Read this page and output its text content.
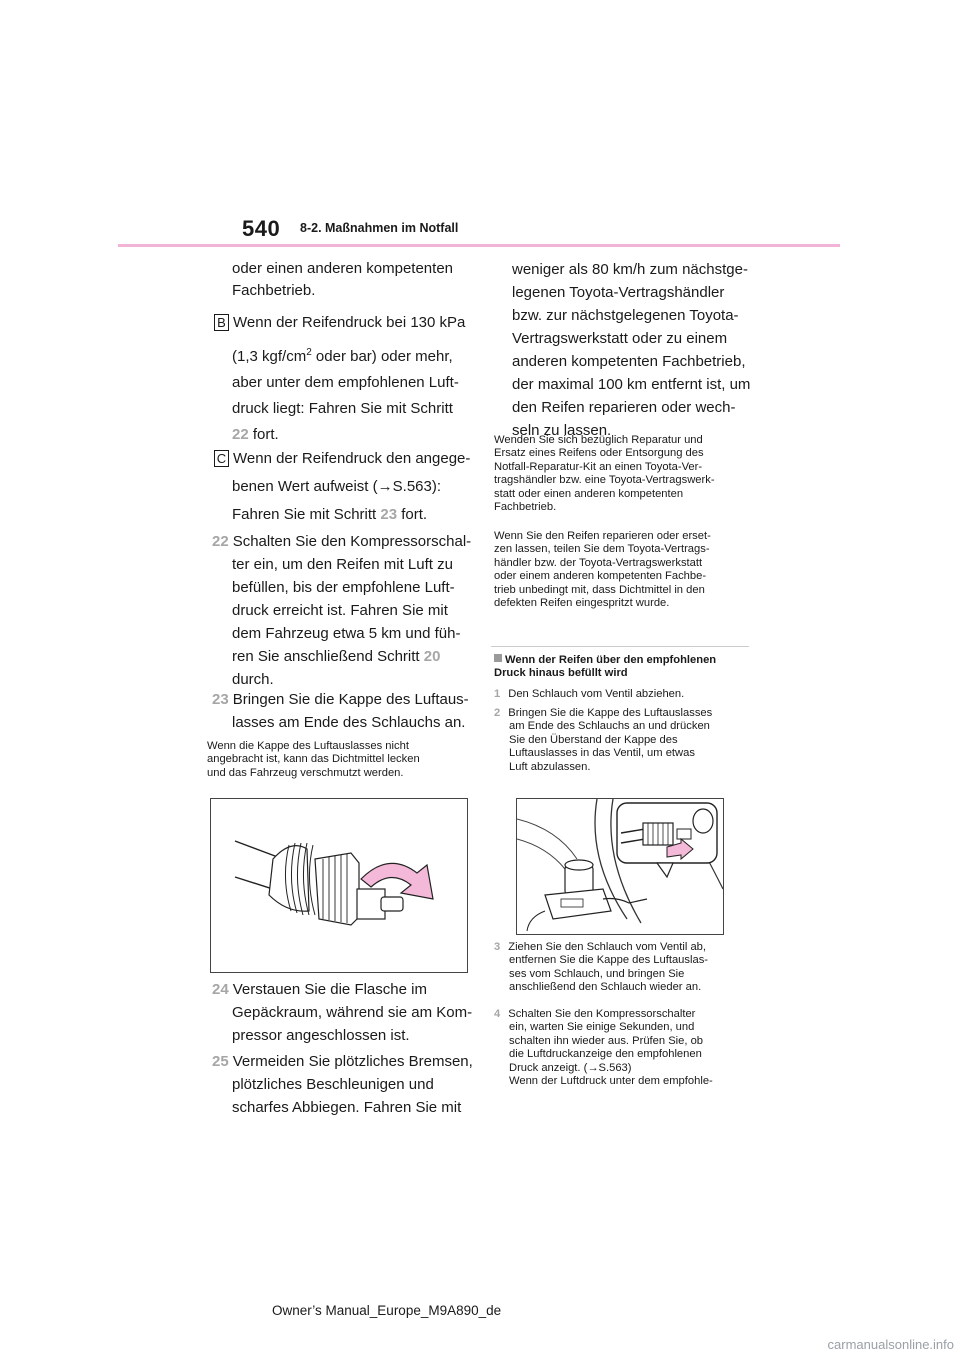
540 8-2. Maßnahmen im Notfall
oder einen anderen kompetenten
Fachbetrieb.
B Wenn der Reifendruck bei 130 kPa
(1,3 kgf/$cm^2$ oder bar) oder mehr,
aber unter dem empfohlenen Luft-
druck liegt: Fahren Sie mit Schritt
22 fort.
C Wenn der Reifendruck den angege-
benen Wert aufweist (→S.563):
Fahren Sie mit Schritt 23 fort.
22 Schalten Sie den Kompressorschal-
ter ein, um den Reifen mit Luft zu
befüllen, bis der empfohlene Luft-
druck erreicht ist. Fahren Sie mit
dem Fahrzeug etwa 5 km und füh-
ren Sie anschließend Schritt 20
durch.
23 Bringen Sie die Kappe des Luftaus-
lasses am Ende des Schlauchs an.
Wenn die Kappe des Luftauslasses nicht
angebracht ist, kann das Dichtmittel lecken
und das Fahrzeug verschmutzt werden.
24 Verstauen Sie die Flasche im
Gepäckraum, während sie am Kom-
pressor angeschlossen ist.
25 Vermeiden Sie plötzliches Bremsen,
plötzliches Beschleunigen und
scharfes Abbiegen. Fahren Sie mit
weniger als 80 km/h zum nächstge-
legenen Toyota-Vertragshändler
bzw. zur nächstgelegenen Toyota-
Vertragswerkstatt oder zu einem
anderen kompetenten Fachbetrieb,
der maximal 100 km entfernt ist, um
den Reifen reparieren oder wech-
seln zu lassen.
Wenden Sie sich bezüglich Reparatur und
Ersatz eines Reifens oder Entsorgung des
Notfall-Reparatur-Kit an einen Toyota-Ver-
tragshändler bzw. eine Toyota-Vertragswerk-
statt oder einen anderen kompetenten
Fachbetrieb.
Wenn Sie den Reifen reparieren oder erset-
zen lassen, teilen Sie dem Toyota-Vertrags-
händler bzw. der Toyota-Vertragswerkstatt
oder einem anderen kompetenten Fachbe-
trieb unbedingt mit, dass Dichtmittel in den
defekten Reifen eingespritzt wurde.
Wenn der Reifen über den empfohlenen
Druck hinaus befüllt wird
1 Den Schlauch vom Ventil abziehen.
2 Bringen Sie die Kappe des Luftauslasses
am Ende des Schlauchs an und drücken
Sie den Überstand der Kappe des
Luftauslasses in das Ventil, um etwas
Luft abzulassen.
3 Ziehen Sie den Schlauch vom Ventil ab,
entfernen Sie die Kappe des Luftauslas-
ses vom Schlauch, und bringen Sie
anschließend den Schlauch wieder an.
4 Schalten Sie den Kompressorschalter
ein, warten Sie einige Sekunden, und
schalten ihn wieder aus. Prüfen Sie, ob
die Luftdruckanzeige den empfohlenen
Druck anzeigt. (→S.563)
Wenn der Luftdruck unter dem empfohle-
Owner’s Manual_Europe_M9A890_de
carmanualsonline.info
